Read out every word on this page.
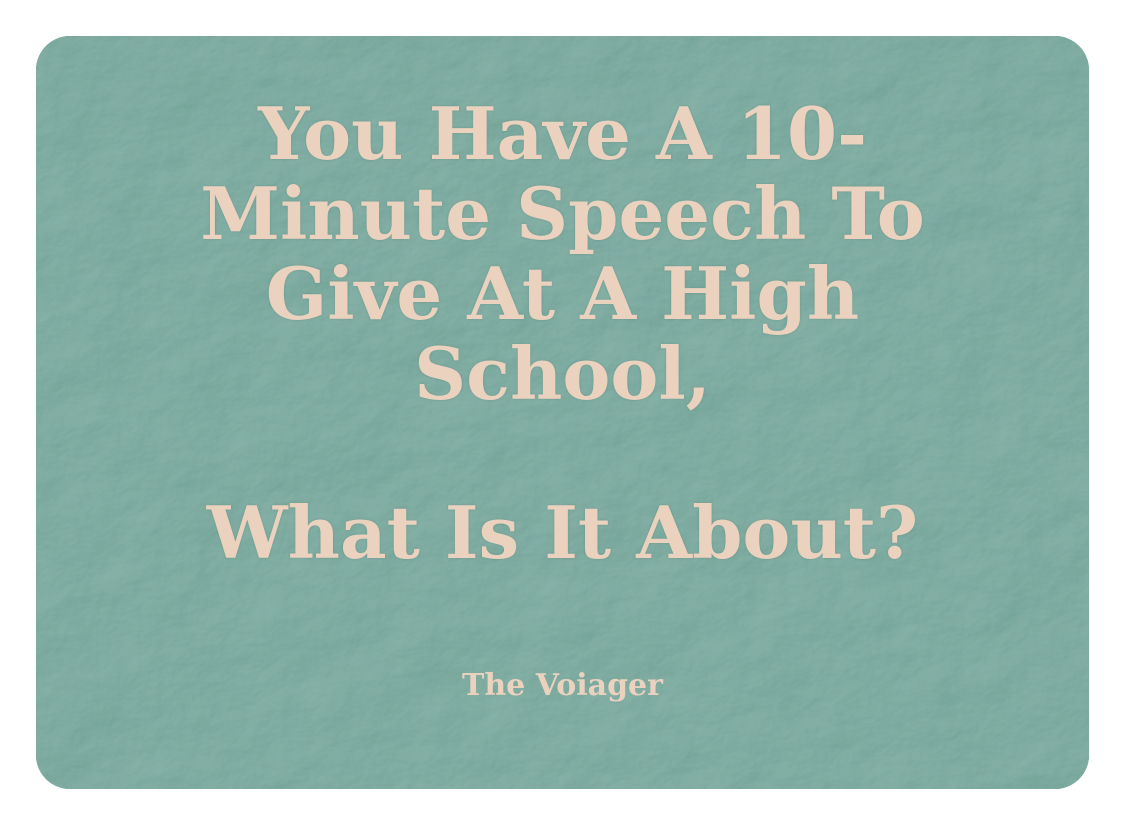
You Have A 10-
Minute Speech To
Give At A High
School,
What Is It About?

The Voiager
